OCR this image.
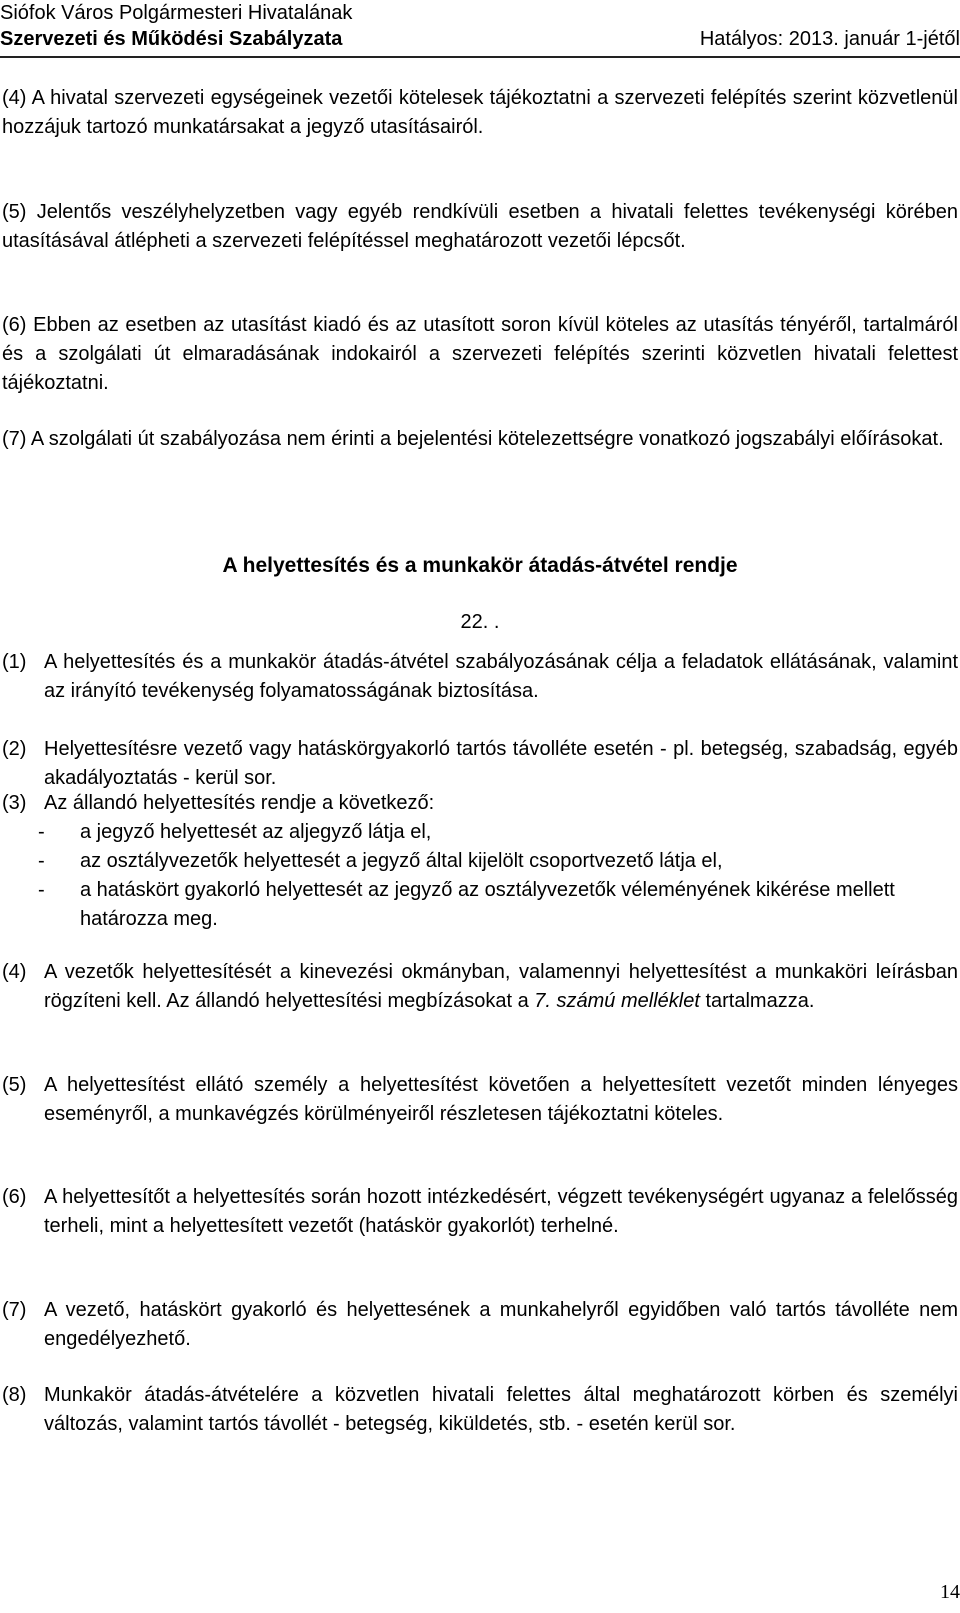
Siófok Város Polgármesteri Hivatalának
Szervezeti és Működési Szabályzata	Hatályos: 2013. január 1-jétől

(4) A hivatal szervezeti egységeinek vezetői kötelesek tájékoztatni a szervezeti felépítés szerint közvetlenül hozzájuk tartozó munkatársakat a jegyző utasításairól.

(5) Jelentős veszélyhelyzetben vagy egyéb rendkívüli esetben a hivatali felettes tevékenységi körében utasításával átlépheti a szervezeti felépítéssel meghatározott vezetői lépcsőt.

(6) Ebben az esetben az utasítást kiadó és az utasított soron kívül köteles az utasítás tényéről, tartalmáról és a szolgálati út elmaradásának indokairól a szervezeti felépítés szerinti közvetlen hivatali felettest tájékoztatni.

(7) A szolgálati út szabályozása nem érinti a bejelentési kötelezettségre vonatkozó jogszabályi előírásokat.

A helyettesítés és a munkakör átadás-átvétel rendje
22. .
(1) A helyettesítés és a munkakör átadás-átvétel szabályozásának célja a feladatok ellátásának, valamint az irányító tevékenység folyamatosságának biztosítása.
(2) Helyettesítésre vezető vagy hatáskörgyakorló tartós távolléte esetén - pl. betegség, szabadság, egyéb akadályoztatás - kerül sor.
(3) Az állandó helyettesítés rendje a következő:
- a jegyző helyettesét az aljegyző látja el,
- az osztályvezetők helyettesét a jegyző által kijelölt csoportvezető látja el,
- a hatáskört gyakorló helyettesét az jegyző az osztályvezetők véleményének kikérése mellett határozza meg.
(4) A vezetők helyettesítését a kinevezési okmányban, valamennyi helyettesítést a munkaköri leírásban rögzíteni kell. Az állandó helyettesítési megbízásokat a 7. számú melléklet tartalmazza.
(5) A helyettesítést ellátó személy a helyettesítést követően a helyettesített vezetőt minden lényeges eseményről, a munkavégzés körülményeiről részletesen tájékoztatni köteles.
(6) A helyettesítőt a helyettesítés során hozott intézkedésért, végzett tevékenységért ugyanaz a felelősség terheli, mint a helyettesített vezetőt (hatáskör gyakorlót) terhelné.
(7) A vezető, hatáskört gyakorló és helyettesének a munkahelyről egyidőben való tartós távolléte nem engedélyezhető.
(8) Munkakör átadás-átvételére a közvetlen hivatali felettes által meghatározott körben és személyi változás, valamint tartós távollét - betegség, kiküldetés, stb. - esetén kerül sor.
14
